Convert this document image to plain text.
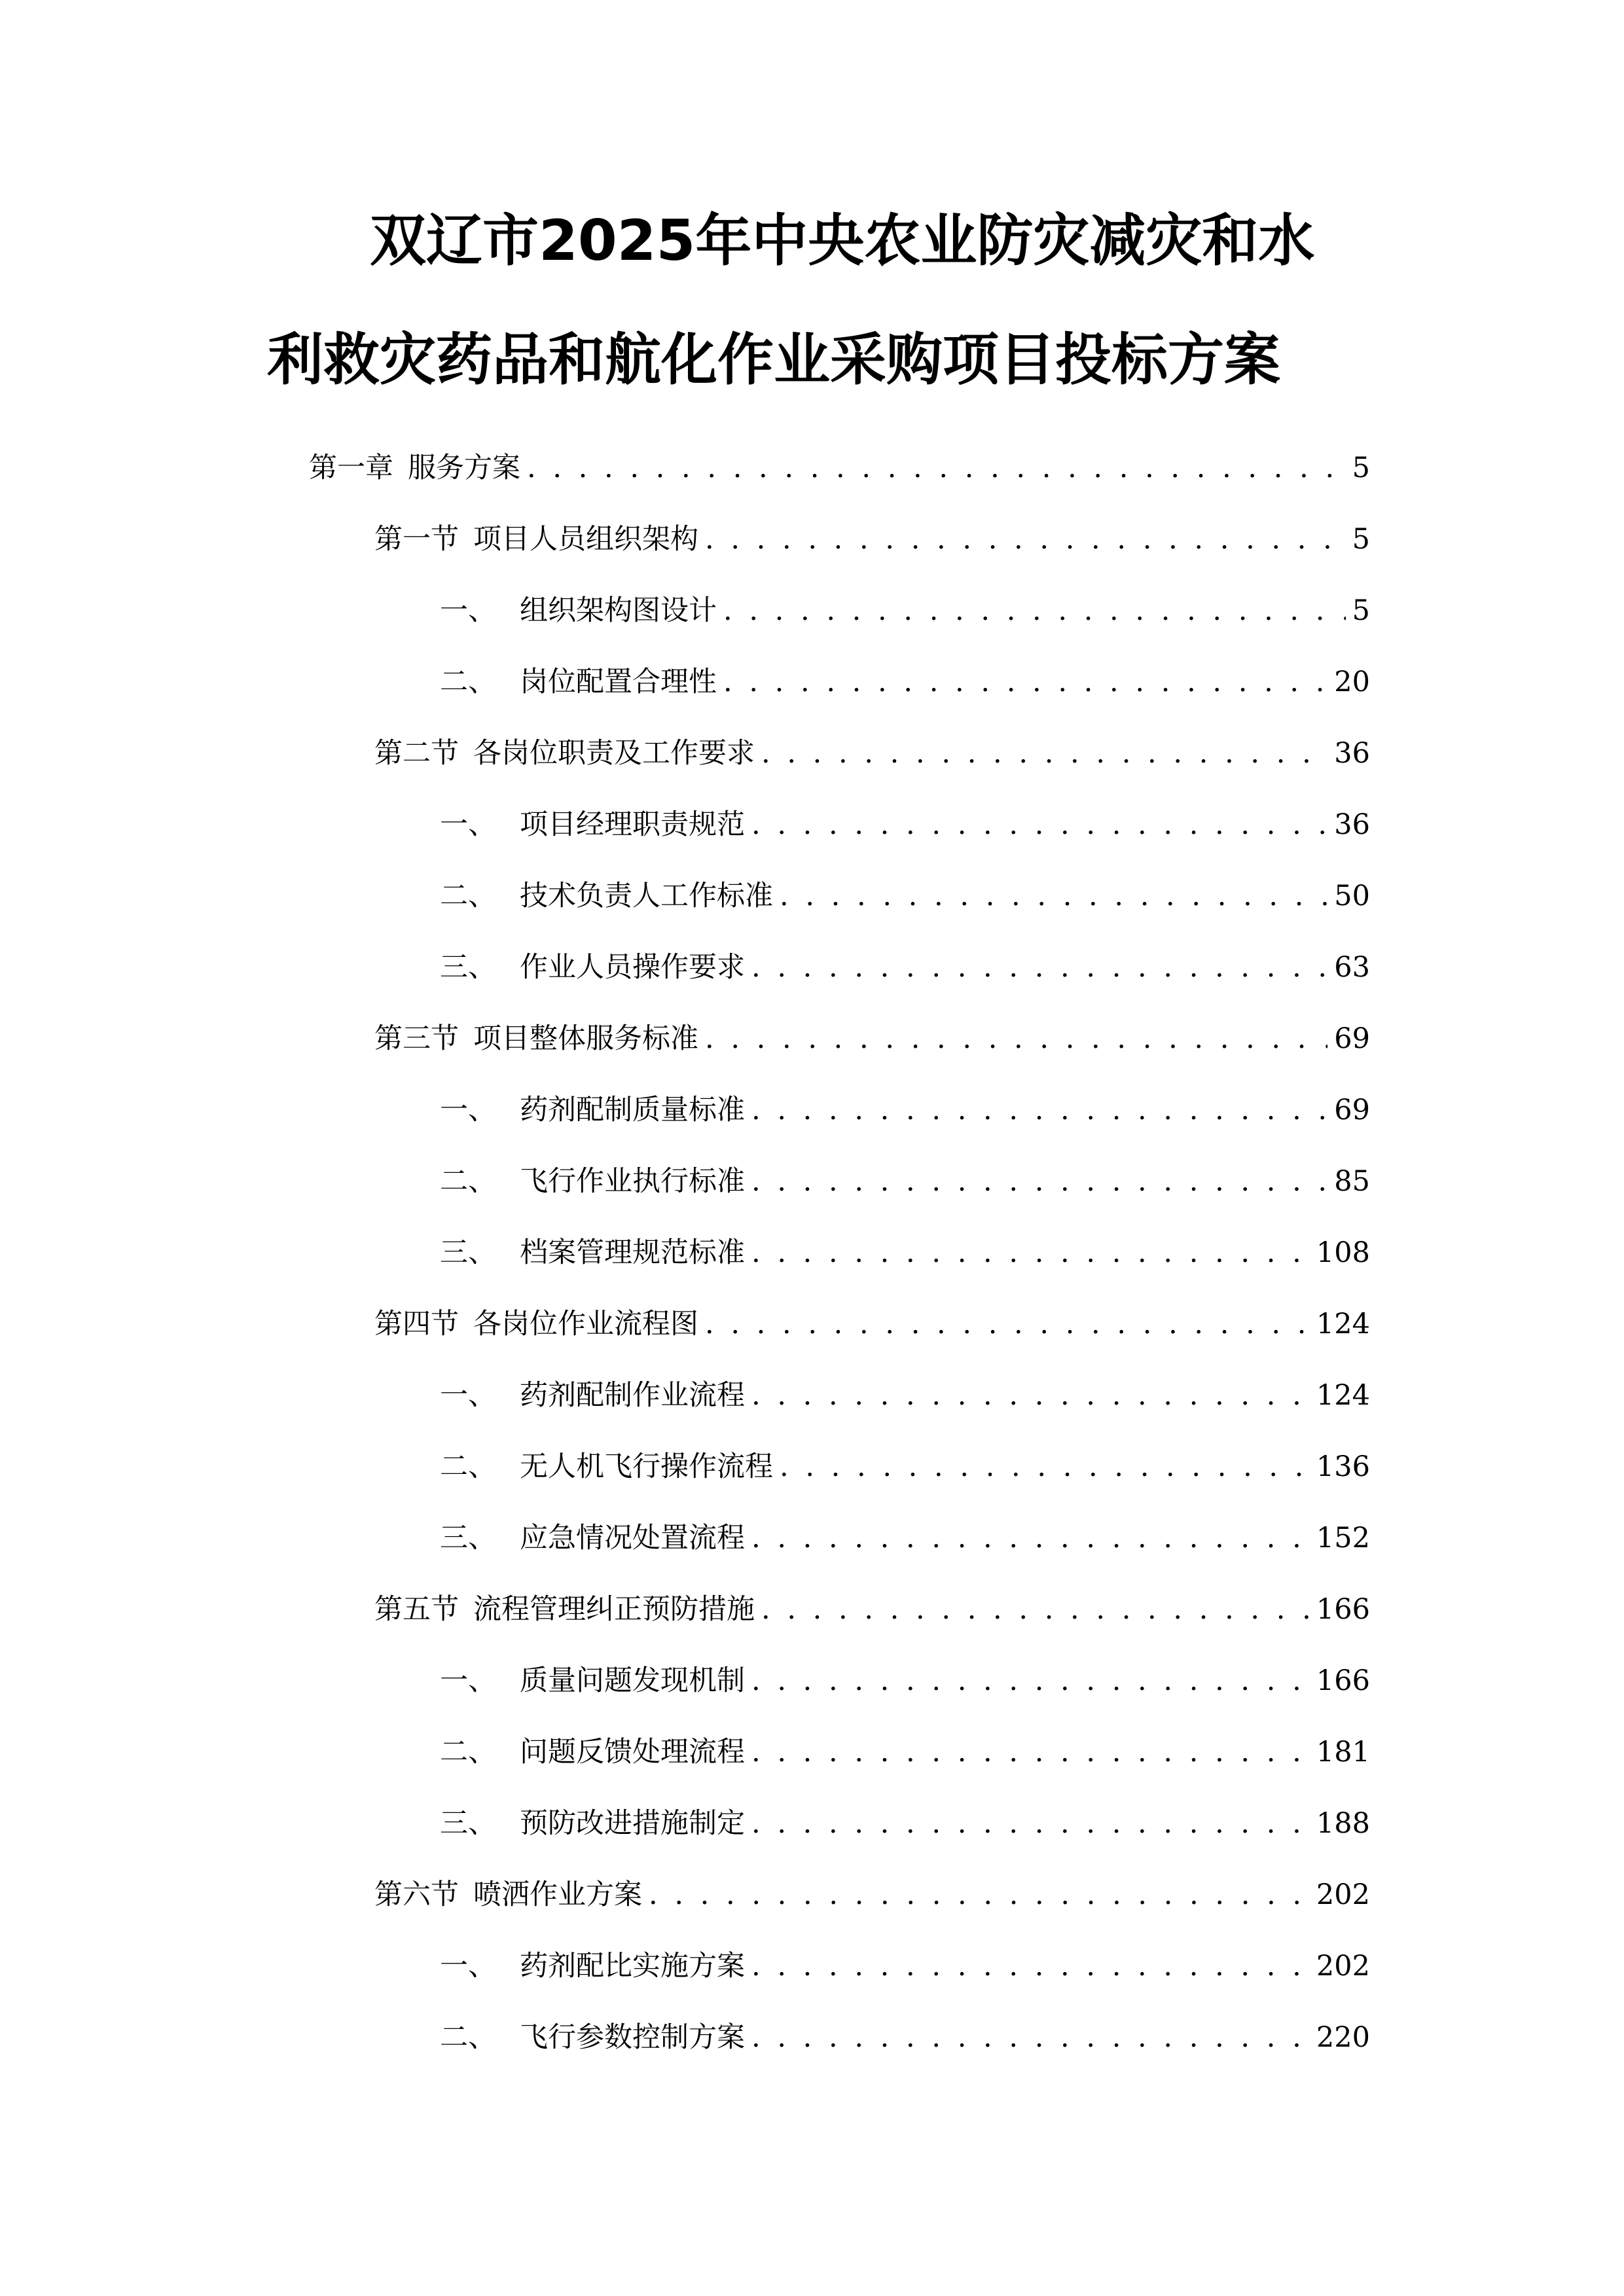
双辽市2025年中央农业防灾减灾和水
利救灾药品和航化作业采购项目投标方案
第一章 服务方案 . . .	5
第一节 项目人员组织架构 . . .	5
一、 组织架构图设计 . . .	5
二、 岗位配置合理性 . . .	20
第二节 各岗位职责及工作要求 . . .	36
一、 项目经理职责规范 . . .	36
二、 技术负责人工作标准 . . .	50
三、 作业人员操作要求 . . .	63
第三节 项目整体服务标准 . . .	69
一、 药剂配制质量标准 . . .	69
二、 飞行作业执行标准 . . .	85
三、 档案管理规范标准 . . .	108
第四节 各岗位作业流程图 . . .	124
一、 药剂配制作业流程 . . .	124
二、 无人机飞行操作流程 . . .	136
三、 应急情况处置流程 . . .	152
第五节 流程管理纠正预防措施 . . .	166
一、 质量问题发现机制 . . .	166
二、 问题反馈处理流程 . . .	181
三、 预防改进措施制定 . . .	188
第六节 喷洒作业方案 . . .	202
一、 药剂配比实施方案 . . .	202
二、 飞行参数控制方案 . . .	220
